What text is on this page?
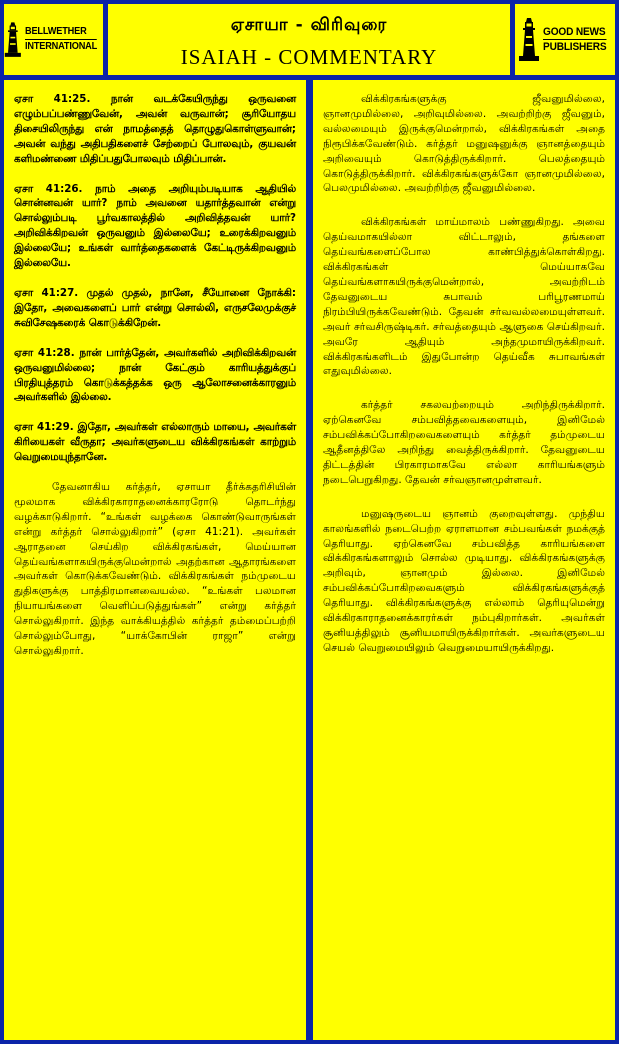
BELLWETHER
INTERNATIONAL
ஏசாயா - விரிவுரை
ISAIAH - COMMENTARY
GOOD NEWS
PUBLISHERS

ஏசா 41:25. நான் வடக்கேயிருந்து ஒருவனை எழும்பப்பண்ணுவேன், அவன் வருவான்; சூரியோதய திசையிலிருந்து என் நாமத்தைத் தொழுதுகொள்ளுவான்; அவன் வந்து அதிபதிகளைச் சேற்றைப் போலவும், குயவன் களிமண்ணை மிதிப்பதுபோலவும் மிதிப்பான்.

ஏசா 41:26. நாம் அதை அறியும்படியாக ஆதியில் சொன்னவன் யார்? நாம் அவனை யதார்த்தவான் என்று சொல்லும்படி பூர்வகாலத்தில் அறிவித்தவன் யார்? அறிவிக்கிறவன் ஒருவனும் இல்லையே; உரைக்கிறவனும் இல்லையே; உங்கள் வார்த்தைகளைக் கேட்டிருக்கிறவனும் இல்லையே.

ஏசா 41:27. முதல் முதல், நானே, சீயோனை நோக்கி: இதோ, அவைகளைப் பார் என்று சொல்லி, எருசலேமுக்குச் சுவிசேஷகரைக் கொடுக்கிறேன்.

ஏசா 41:28. நான் பார்த்தேன், அவர்களில் அறிவிக்கிறவன் ஒருவனுமில்லை; நான் கேட்கும் காரியத்துக்குப் பிரதியுத்தரம் கொடுக்கத்தக்க ஒரு ஆலோசனைக்காரனும் அவர்களில் இல்லை.

ஏசா 41:29. இதோ, அவர்கள் எல்லாரும் மாயை, அவர்கள் கிரியைகள் வீருதா; அவர்களுடைய விக்கிரகங்கள் காற்றும் வெறுமையுந்தானே.

தேவனாகிய கர்த்தர், ஏசாயா தீர்க்கதரிசியின் மூலமாக விக்கிரகாராதனைக்காரரோடு தொடர்ந்து வழக்காடுகிறார். “உங்கள் வழக்கை கொண்டுவாருங்கள் என்று கர்த்தர் சொல்லுகிறார்” (ஏசா 41:21). அவர்கள் ஆராதனை செய்கிற விக்கிரகங்கள், மெய்யான தெய்வங்களாகயிருக்குமென்றால் அதற்கான ஆதாரங்களை அவர்கள் கொடுக்கவேண்டும். விக்கிரகங்கள் நம்முடைய துதிகளுக்கு பாத்திரமானவையல்ல. “உங்கள் பலமான நியாயங்களை வெளிப்படுத்துங்கள்” என்று கர்த்தர் சொல்லுகிறார். இந்த வாக்கியத்தில் கர்த்தர் தம்மைப்பற்றி சொல்லும்போது, “யாக்கோபின் ராஜா” என்று சொல்லுகிறார்.

விக்கிரகங்களுக்கு ஜீவனுமில்லை, ஞானமுமில்லை, அறிவுமில்லை. அவற்றிற்கு ஜீவனும், வல்லமையும் இருக்குமென்றால், விக்கிரகங்கள் அதை நிரூபிக்கவேண்டும். கர்த்தர் மனுஷனுக்கு ஞானத்தையும் அறிவையும் கொடுத்திருக்கிறார். பெலத்தையும் கொடுத்திருக்கிறார். விக்கிரகங்களுக்கோ ஞானமுமில்லை, பெலமுமில்லை. அவற்றிற்கு ஜீவனுமில்லை.

விக்கிரகங்கள் மாய்மாலம் பண்ணுகிறது. அவை தெய்வமாகயில்லா விட்டாலும், தங்களை தெய்வங்களைப்போல காண்பித்துக்கொள்கிறது. விக்கிரகங்கள் மெய்யாகவே தெய்வங்களாகயிருக்குமென்றால், அவற்றிடம் தேவனுடைய சுபாவம் பரிபூரணமாய் நிரம்பியிருக்கவேண்டும். தேவன் சர்வவல்லமையுள்ளவர். அவர் சர்வசிருஷ்டிகர். சர்வத்தையும் ஆளுகை செய்கிறவர். அவரே ஆதியும் அந்தமுமாயிருக்கிறவர். விக்கிரகங்களிடம் இதுபோன்ற தெய்வீக சுபாவங்கள் எதுவுமில்லை.

கர்த்தர் சகலவற்றையும் அறிந்திருக்கிறார். ஏற்கெனவே சம்பவித்தவைகளையும், இனிமேல் சம்பவிக்கப்போகிறவைகளையும் கர்த்தர் தம்முடைய ஆதீனத்திலே அறிந்து வைத்திருக்கிறார். தேவனுடைய திட்டத்தின் பிரகாரமாகவே எல்லா காரியங்களும் நடைபெறுகிறது. தேவன் சர்வஞானமுள்ளவர்.

மனுஷருடைய ஞானம் குறைவுள்ளது. முந்திய காலங்களில் நடைபெற்ற ஏராளமான சம்பவங்கள் நமக்குத் தெரியாது. ஏற்கெனவே சம்பவித்த காரியங்களை விக்கிரகங்களாலும் சொல்ல முடியாது. விக்கிரகங்களுக்கு அறிவும், ஞானமும் இல்லை. இனிமேல் சம்பவிக்கப்போகிறவைகளும் விக்கிரகங்களுக்குத் தெரியாது. விக்கிரகங்களுக்கு எல்லாம் தெரியுமென்று விக்கிரகாராதனைக்காரர்கள் நம்புகிறார்கள். அவர்கள் சூனியத்திலும் சூனியமாயிருக்கிறார்கள். அவர்களுடைய செயல் வெறுமையிலும் வெறுமையாயிருக்கிறது.
